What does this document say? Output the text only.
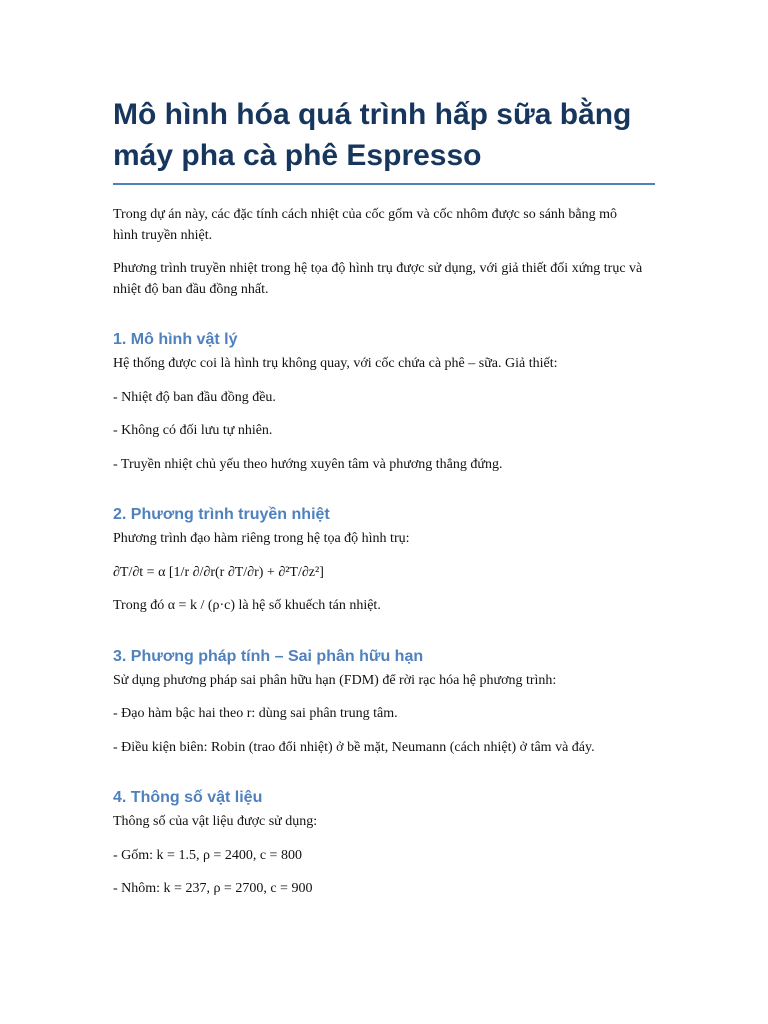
Mô hình hóa quá trình hấp sữa bằng
máy pha cà phê Espresso

Trong dự án này, các đặc tính cách nhiệt của cốc gốm và cốc nhôm được so sánh bằng mô hình truyền nhiệt.

Phương trình truyền nhiệt trong hệ tọa độ hình trụ được sử dụng, với giả thiết đối xứng trục và nhiệt độ ban đầu đồng nhất.

1. Mô hình vật lý

Hệ thống được coi là hình trụ không quay, với cốc chứa cà phê – sữa. Giả thiết:

- Nhiệt độ ban đầu đồng đều.

- Không có đối lưu tự nhiên.

- Truyền nhiệt chủ yếu theo hướng xuyên tâm và phương thẳng đứng.

2. Phương trình truyền nhiệt

Phương trình đạo hàm riêng trong hệ tọa độ hình trụ:

∂T/∂t = α [1/r ∂/∂r(r ∂T/∂r) + ∂²T/∂z²]

Trong đó α = k / (ρ·c) là hệ số khuếch tán nhiệt.

3. Phương pháp tính – Sai phân hữu hạn

Sử dụng phương pháp sai phân hữu hạn (FDM) để rời rạc hóa hệ phương trình:

- Đạo hàm bậc hai theo r: dùng sai phân trung tâm.

- Điều kiện biên: Robin (trao đổi nhiệt) ở bề mặt, Neumann (cách nhiệt) ở tâm và đáy.

4. Thông số vật liệu

Thông số của vật liệu được sử dụng:

- Gốm: k = 1.5, ρ = 2400, c = 800

- Nhôm: k = 237, ρ = 2700, c = 900
